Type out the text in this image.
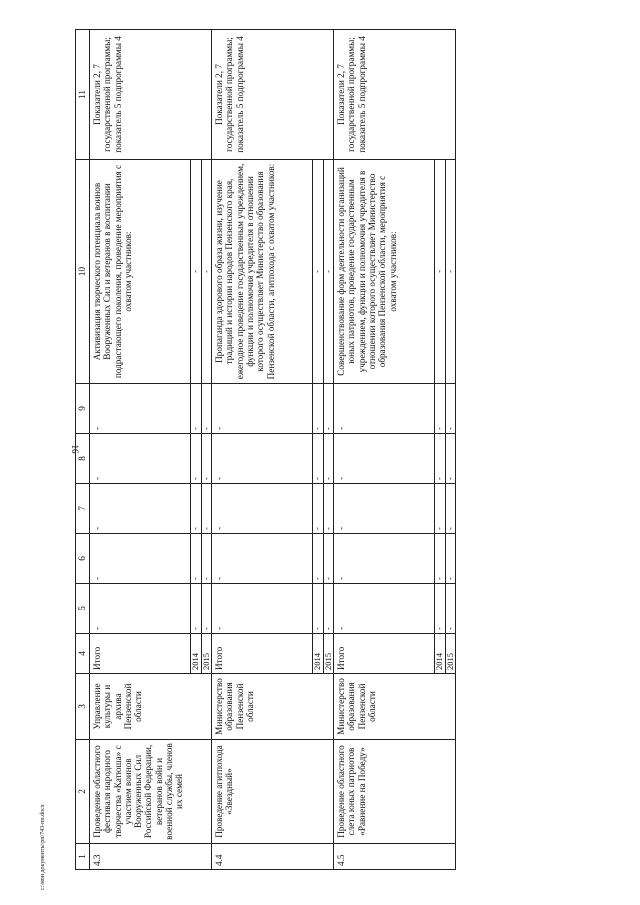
16
c:\мои документы\рп\743-пп.docx	1	2	3	4	5	6	7	8	9	10	11
4.3	Проведение областного фестиваля народного творчества «Катюша» с участием воинов Вооруженных Сил Российской Федерации, ветеранов войн и военной службы, членов их семей	Управление культуры и архива Пензенской области	Итого	-	-	-	-	-	Активизация творческого потенциала воинов Вооруженных Сил и ветеранов в воспитании подрастающего поколения, проведение мероприятия с охватом участников:	Показатели 2, 7 государственной программы; показатель 5 подпрограммы 4
			2014	-	-	-	-	-	-	
			2015	-	-	-	-	-	-	
4.4	Проведение агитпохода «Звездный»	Министерство образования Пензенской области	Итого	-	-	-	-	-	Пропаганда здорового образа жизни, изучение традиций и истории народов Пензенского края, ежегодное проведение государственным учреждением, функции и полномочия учредителя в отношении которого осуществляет Министерство образования Пензенской области, агитпохода с охватом участников:	Показатели 2, 7 государственной программы; показатель 5 подпрограммы 4
			2014	-	-	-	-	-	-	
			2015	-	-	-	-	-	-	
4.5	Проведение областного слета юных патриотов «Равнение на Победу»	Министерство образования Пензенской области	Итого	-	-	-	-	-	Совершенствование форм деятельности организаций юных патриотов, проведение государственным учреждением, функции и полномочия учредителя в отношении которого осуществляет Министерство образования Пензенской области, мероприятия с охватом участников:	Показатели 2, 7 государственной программы; показатель 5 подпрограммы 4
			2014	-	-	-	-	-	-	
			2015	-	-	-	-	-	-	
